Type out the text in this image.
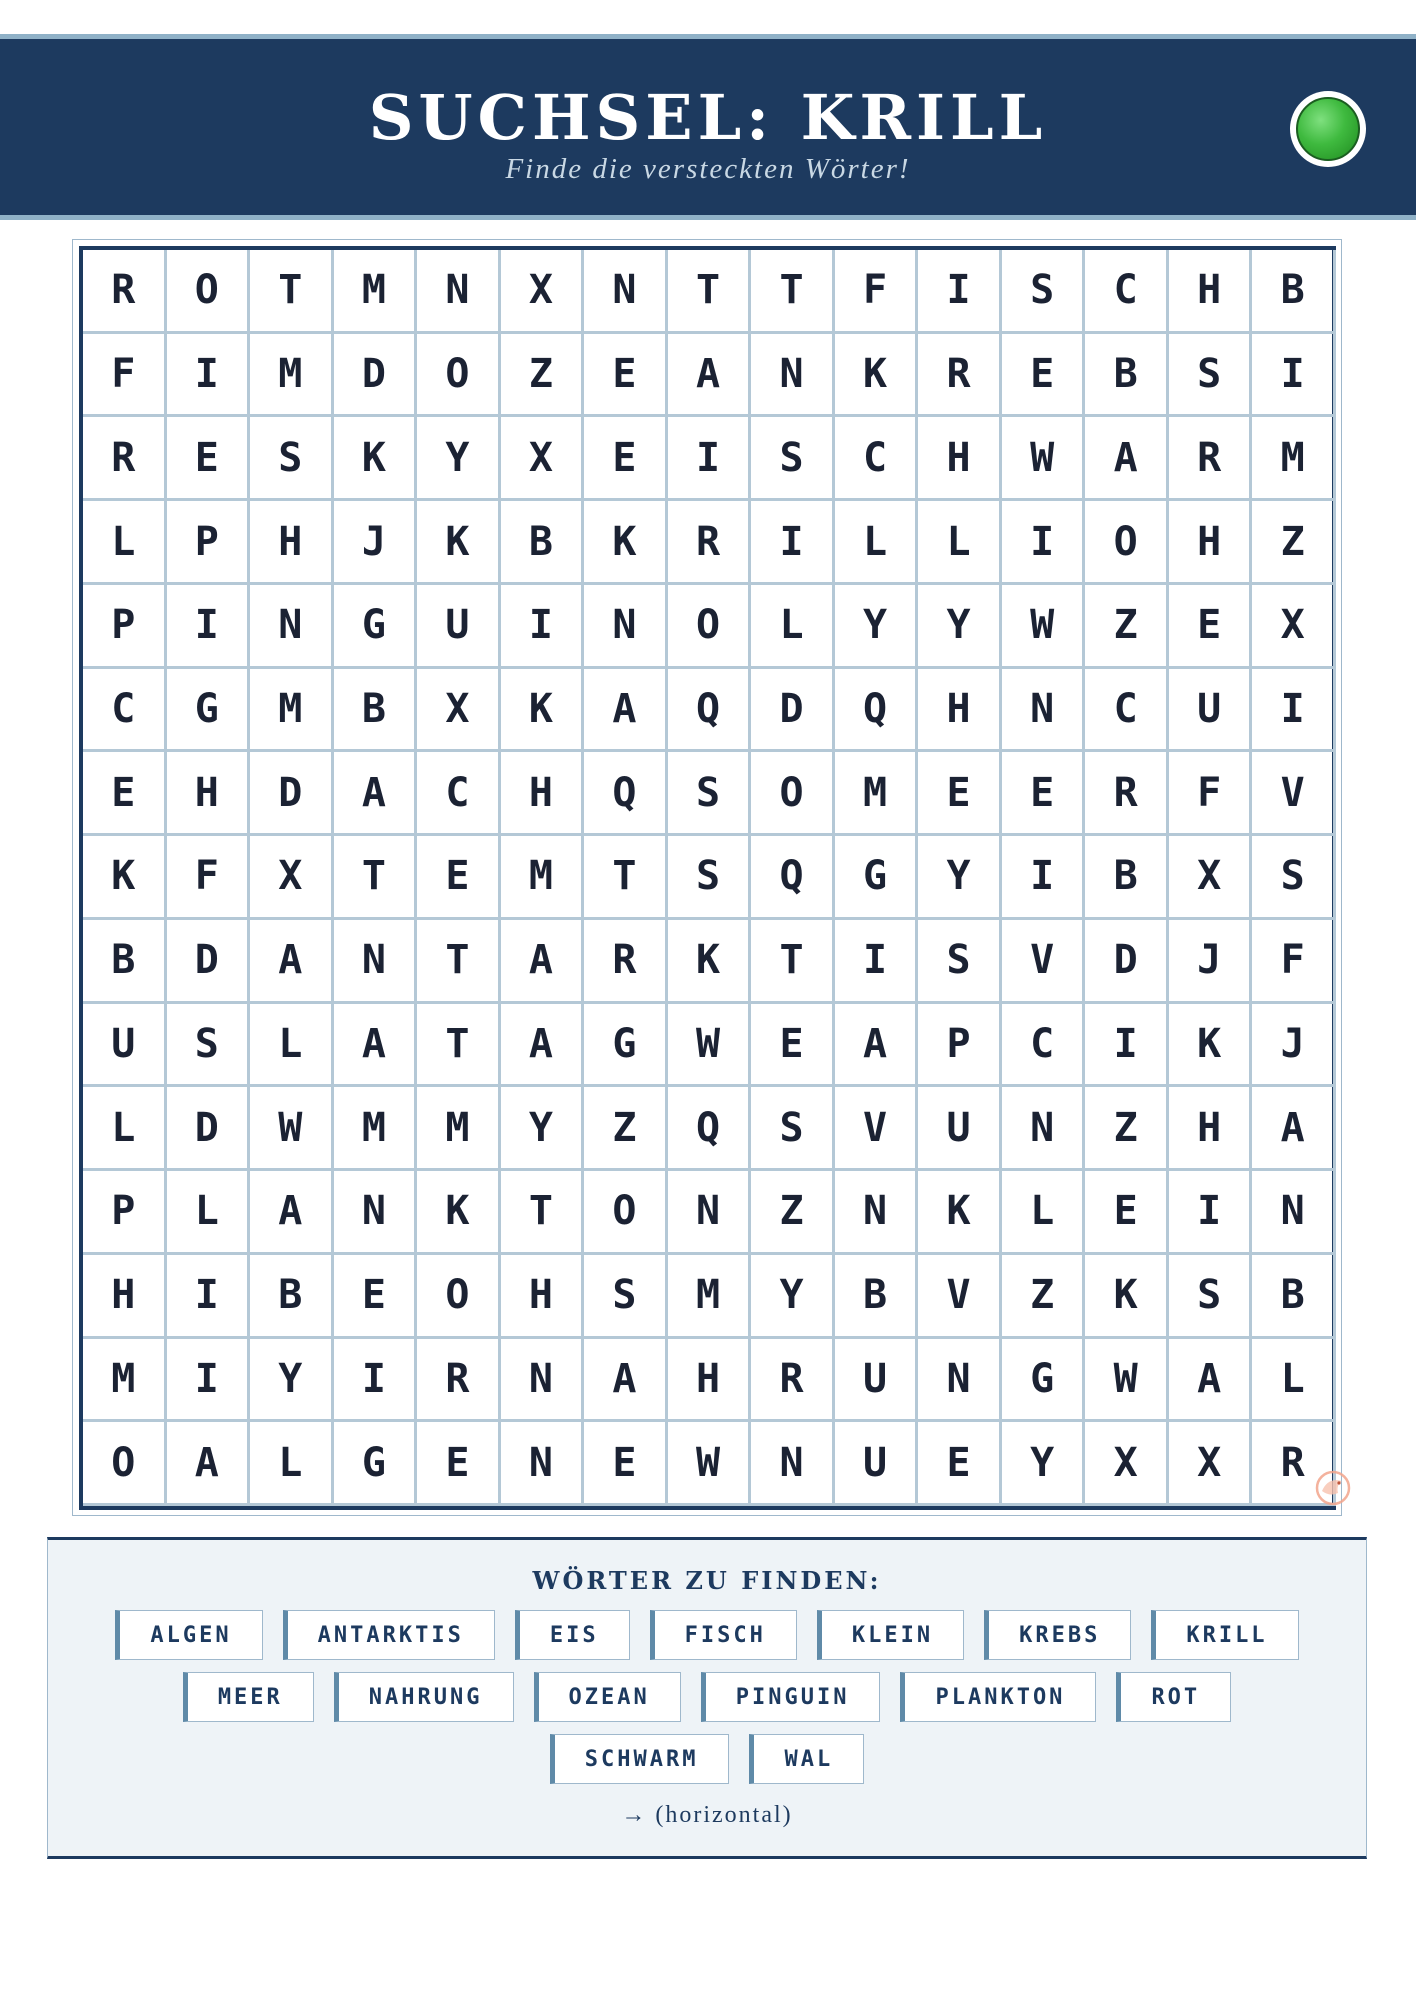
SUCHSEL: KRILL
Finde die versteckten Wörter!
R	O	T	M	N	X	N	T	T	F	I	S	C	H	B
F	I	M	D	O	Z	E	A	N	K	R	E	B	S	I
R	E	S	K	Y	X	E	I	S	C	H	W	A	R	M
L	P	H	J	K	B	K	R	I	L	L	I	O	H	Z
P	I	N	G	U	I	N	O	L	Y	Y	W	Z	E	X
C	G	M	B	X	K	A	Q	D	Q	H	N	C	U	I
E	H	D	A	C	H	Q	S	O	M	E	E	R	F	V
K	F	X	T	E	M	T	S	Q	G	Y	I	B	X	S
B	D	A	N	T	A	R	K	T	I	S	V	D	J	F
U	S	L	A	T	A	G	W	E	A	P	C	I	K	J
L	D	W	M	M	Y	Z	Q	S	V	U	N	Z	H	A
P	L	A	N	K	T	O	N	Z	N	K	L	E	I	N
H	I	B	E	O	H	S	M	Y	B	V	Z	K	S	B
M	I	Y	I	R	N	A	H	R	U	N	G	W	A	L
O	A	L	G	E	N	E	W	N	U	E	Y	X	X	R
WÖRTER ZU FINDEN:
ALGEN	ANTARKTIS	EIS	FISCH	KLEIN	KREBS	KRILL
MEER	NAHRUNG	OZEAN	PINGUIN	PLANKTON	ROT
SCHWARM	WAL
→ (horizontal)
